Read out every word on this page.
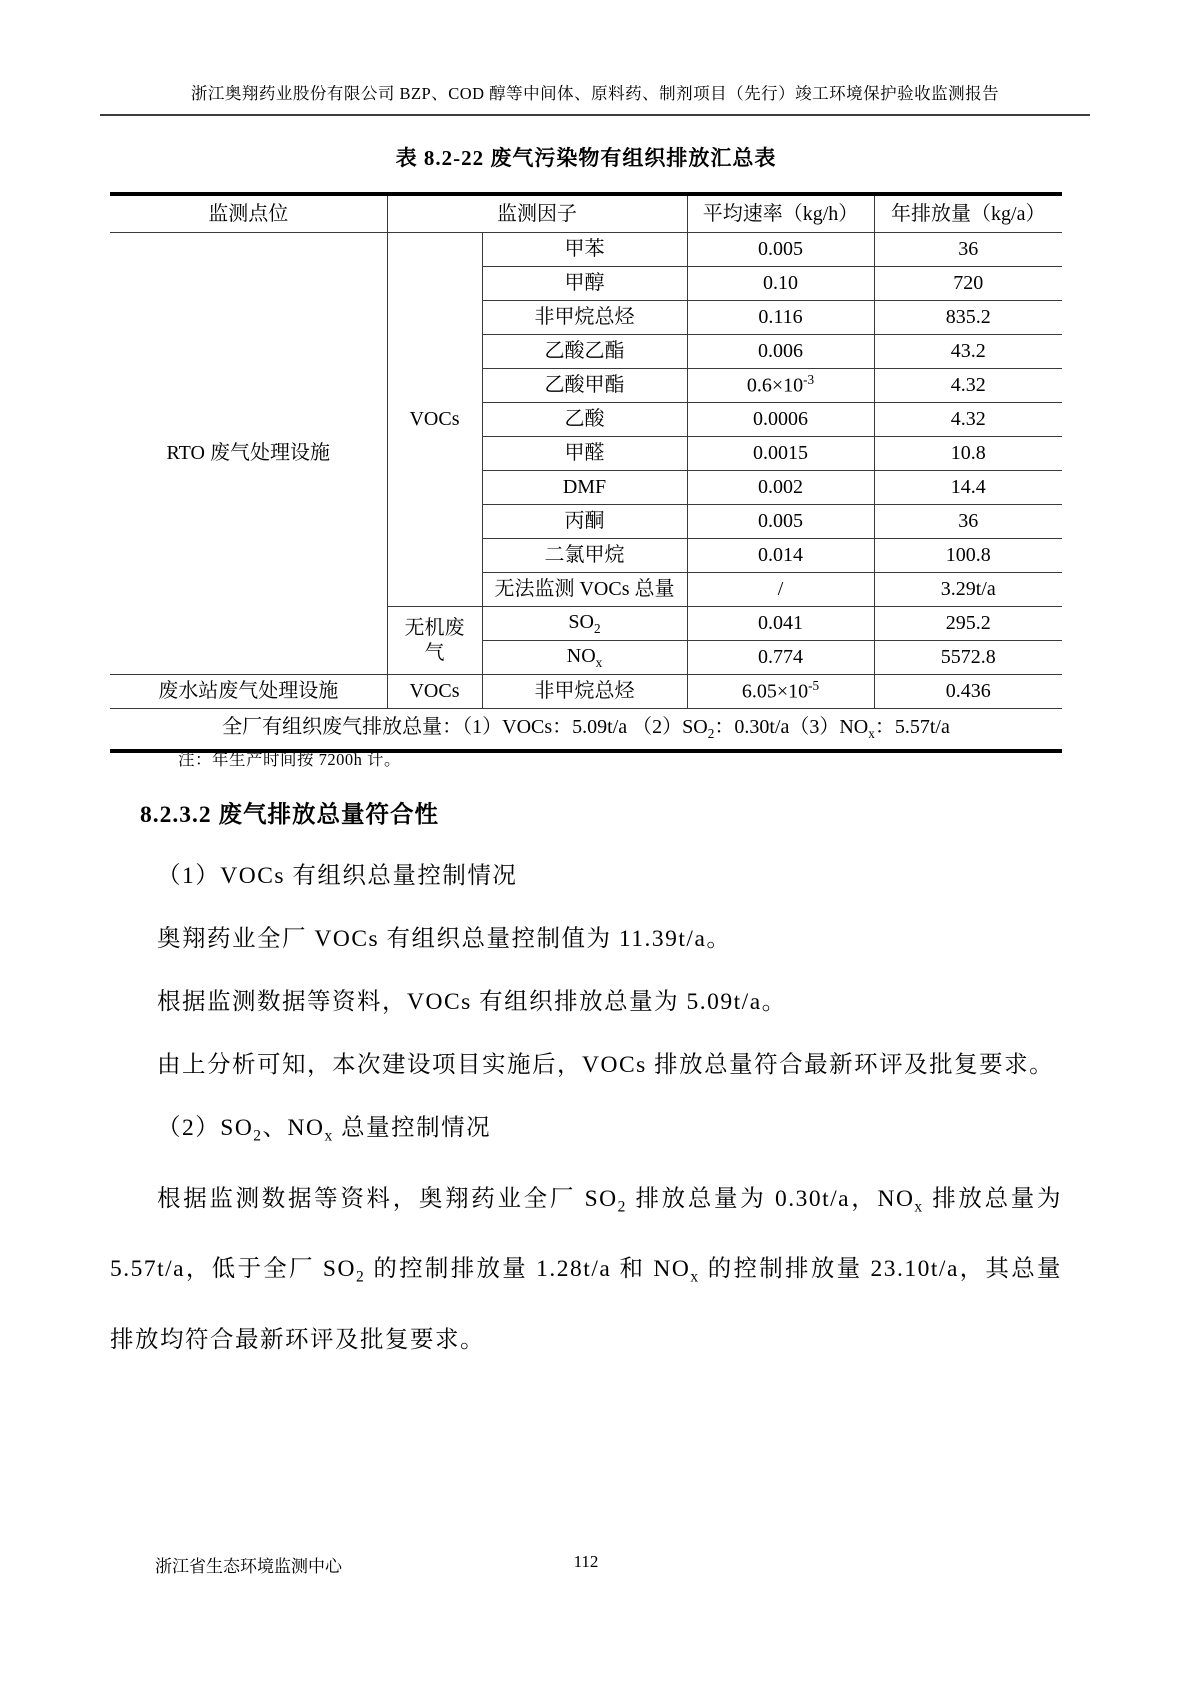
浙江奥翔药业股份有限公司 BZP、COD 醇等中间体、原料药、制剂项目（先行）竣工环境保护验收监测报告
表 8.2-22 废气污染物有组织排放汇总表
监测点位	监测因子		平均速率（kg/h）	年排放量（kg/a）
RTO 废气处理设施	VOCs	甲苯	0.005	36
		甲醇	0.10	720
		非甲烷总烃	0.116	835.2
		乙酸乙酯	0.006	43.2
		乙酸甲酯	$0.6\times 10^{-3}$	4.32
		乙酸	0.0006	4.32
		甲醛	0.0015	10.8
		DMF	0.002	14.4
		丙酮	0.005	36
		二氯甲烷	0.014	100.8
		无法监测 VOCs 总量	/	3.29t/a
	无机废气	$SO_2$	0.041	295.2
		$NO_x$	0.774	5572.8
废水站废气处理设施	VOCs	非甲烷总烃	$6.05\times 10^{-5}$	0.436
全厂有组织废气排放总量：（1）VOCs：5.09t/a $(2)SO_2$：$0.30t/a(3)NO_x$：5.57t/a				
注：年生产时间按 7200h 计。
8.2.3.2 废气排放总量符合性

（1）VOCs 有组织总量控制情况

奥翔药业全厂 VOCs 有组织总量控制值为 11.39t/a。

根据监测数据等资料，VOCs 有组织排放总量为 5.09t/a。

由上分析可知，本次建设项目实施后，VOCs 排放总量符合最新环评及批复要求。

$(2)SO_2$、$NO_x$ 总量控制情况

根据监测数据等资料，奥翔药业全厂 $SO_2$ 排放总量为 0.30t/a，$NO_x$ 排放总量为 5.57t/a，低于全厂 $SO_2$ 的控制排放量 1.28t/a 和 $NO_x$ 的控制排放量 23.10t/a，其总量排放均符合最新环评及批复要求。

112
浙江省生态环境监测中心
